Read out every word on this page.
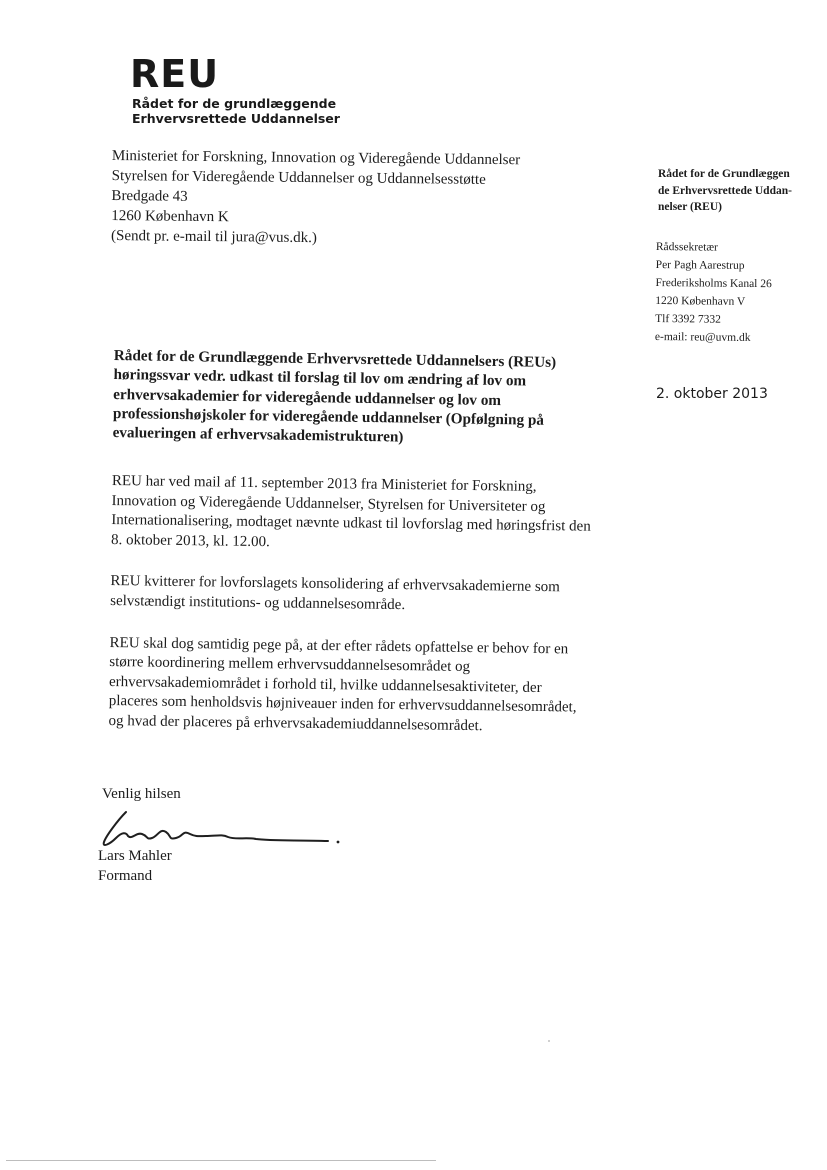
REU
Rådet for de grundlæggende
Erhvervsrettede Uddannelser
Ministeriet for Forskning, Innovation og Videregående Uddannelser
Styrelsen for Videregående Uddannelser og Uddannelsesstøtte
Bredgade 43
1260 København K
(Sendt pr. e-mail til jura@vus.dk.)
Rådet for de Grundlæggen
de Erhvervsrettede Uddan-
nelser (REU)
Rådssekretær
Per Pagh Aarestrup
Frederiksholms Kanal 26
1220 København V
Tlf 3392 7332
e-mail: reu@uvm.dk
2. oktober 2013
Rådet for de Grundlæggende Erhvervsrettede Uddannelsers (REUs) høringssvar vedr. udkast til forslag til lov om ændring af lov om erhvervsakademier for videregående uddannelser og lov om professionshøjskoler for videregående uddannelser (Opfølgning på evalueringen af erhvervsakademistrukturen)

REU har ved mail af 11. september 2013 fra Ministeriet for Forskning, Innovation og Videregående Uddannelser, Styrelsen for Universiteter og Internationalisering, modtaget nævnte udkast til lovforslag med høringsfrist den 8. oktober 2013, kl. 12.00.

REU kvitterer for lovforslagets konsolidering af erhvervsakademierne som selvstændigt institutions- og uddannelsesområde.

REU skal dog samtidig pege på, at der efter rådets opfattelse er behov for en større koordinering mellem erhvervsuddannelsesområdet og erhvervsakademiområdet i forhold til, hvilke uddannelsesaktiviteter, der placeres som henholdsvis højniveauer inden for erhvervsuddannelsesområdet, og hvad der placeres på erhvervsakademiuddannelsesområdet.

Venlig hilsen
Lars Mahler
Formand
